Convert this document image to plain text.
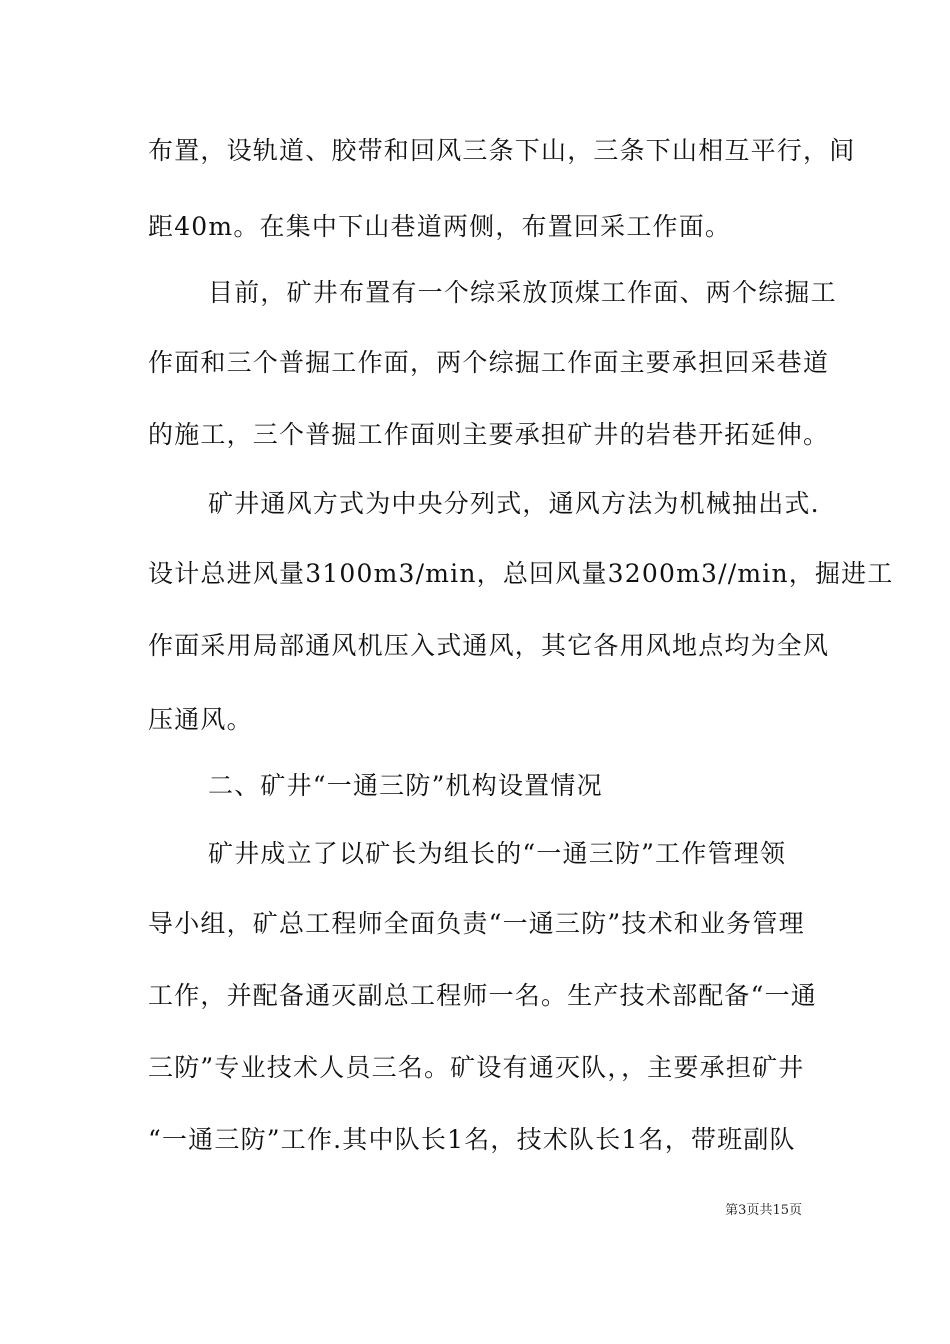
布置，设轨道、胶带和回风三条下山，三条下山相互平行，间
距40m。在集中下山巷道两侧，布置回采工作面。
目前，矿井布置有一个综采放顶煤工作面、两个综掘工
作面和三个普掘工作面，两个综掘工作面主要承担回采巷道
的施工，三个普掘工作面则主要承担矿井的岩巷开拓延伸。
矿井通风方式为中央分列式，通风方法为机械抽出式.
设计总进风量3100m3/min，总回风量3200m3//min，掘进工
作面采用局部通风机压入式通风，其它各用风地点均为全风
压通风。
二、矿井“一通三防”机构设置情况
矿井成立了以矿长为组长的“一通三防”工作管理领
导小组，矿总工程师全面负责“一通三防”技术和业务管理
工作，并配备通灭副总工程师一名。生产技术部配备“一通
三防”专业技术人员三名。矿设有通灭队，，主要承担矿井
“一通三防”工作.其中队长1名，技术队长1名，带班副队
第3页共15页
